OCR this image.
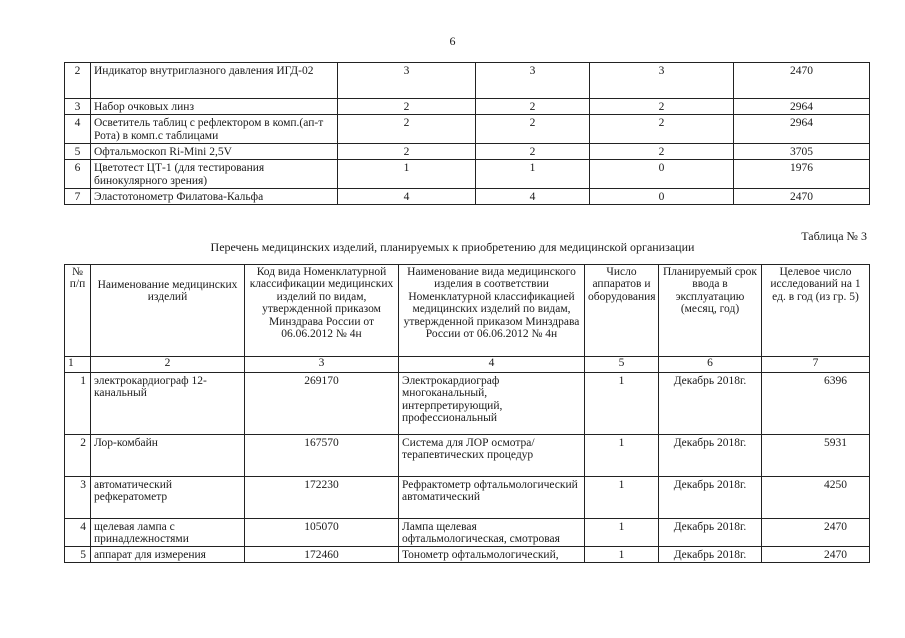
6
2	Индикатор внутриглазного давления ИГД-02	3	3	3	2470
3	Набор очковых линз	2	2	2	2964
4	Осветитель таблиц с рефлектором в комп.(ап-т Рота) в комп.с таблицами	2	2	2	2964
5	Офтальмоскоп Ri-Mini 2,5V	2	2	2	3705
6	Цветотест ЦТ-1 (для тестирования бинокулярного зрения)	1	1	0	1976
7	Эластотонометр Филатова-Кальфа	4	4	0	2470
Таблица № 3
Перечень медицинских изделий, планируемых к приобретению для медицинской организации
№ п/п	Наименование медицинских изделий	Код вида Номенклатурной классификации медицинских изделий по видам, утвержденной приказом Минздрава России от 06.06.2012 № 4н	Наименование вида медицинского изделия в соответствии Номенклатурной классификацией медицинских изделий по видам, утвержденной приказом Минздрава России от 06.06.2012 № 4н	Число аппаратов и оборудования	Планируемый срок ввода в эксплуатацию (месяц, год)	Целевое число исследований на 1 ед. в год (из гр. 5)
1	2	3	4	5	6	7
1	электрокардиограф 12-канальный	269170	Электрокардиограф многоканальный, интерпретирующий, профессиональный	1	Декабрь 2018г.	6396
2	Лор-комбайн	167570	Система для ЛОР осмотра/терапевтических процедур	1	Декабрь 2018г.	5931
3	автоматический рефкератометр	172230	Рефрактометр офтальмологический автоматический	1	Декабрь 2018г.	4250
4	щелевая лампа с принадлежностями	105070	Лампа щелевая офтальмологическая, смотровая	1	Декабрь 2018г.	2470
5	аппарат для измерения	172460	Тонометр офтальмологический,	1	Декабрь 2018г.	2470
